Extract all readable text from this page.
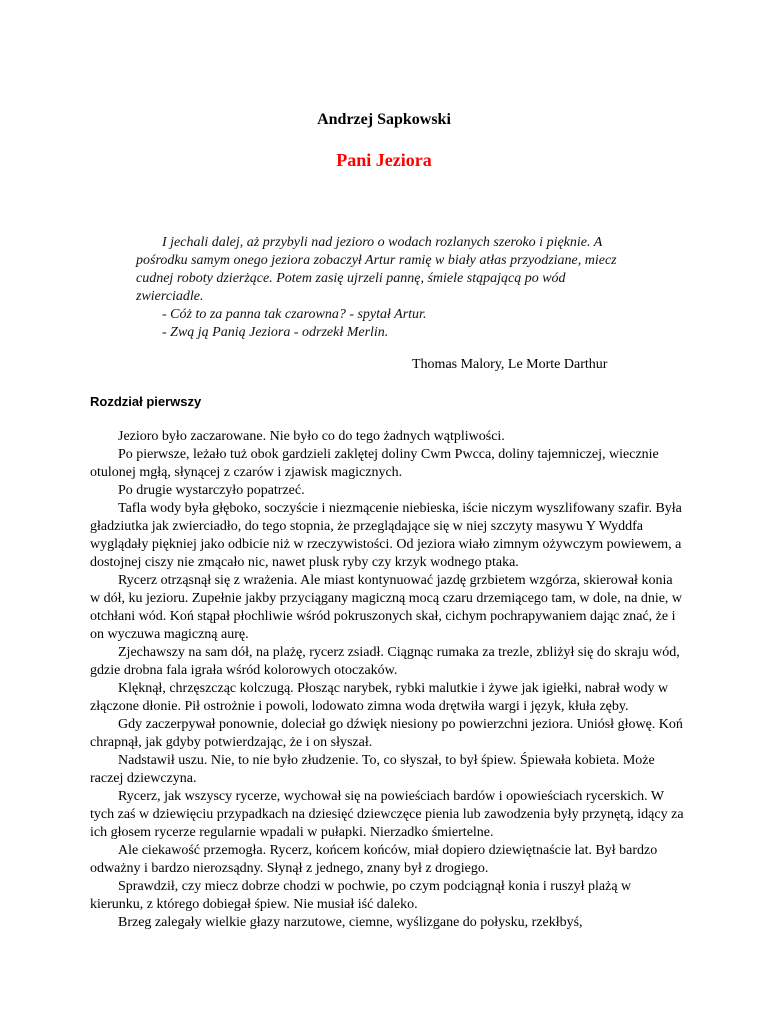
Andrzej Sapkowski
Pani Jeziora

I jechali dalej, aż przybyli nad jezioro o wodach rozlanych szeroko i pięknie. A pośrodku samym onego jeziora zobaczył Artur ramię w biały atłas przyodziane, miecz cudnej roboty dzierżące. Potem zasię ujrzeli pannę, śmiele stąpającą po wód zwierciadle.

- Cóż to za panna tak czarowna? - spytał Artur.

- Zwą ją Panią Jeziora - odrzekł Merlin.

Thomas Malory, Le Morte Darthur
Rozdział pierwszy

Jezioro było zaczarowane. Nie było co do tego żadnych wątpliwości.

Po pierwsze, leżało tuż obok gardzieli zaklętej doliny Cwm Pwcca, doliny tajemniczej, wiecznie otulonej mgłą, słynącej z czarów i zjawisk magicznych.

Po drugie wystarczyło popatrzeć.

Tafla wody była głęboko, soczyście i niezmącenie niebieska, iście niczym wyszlifowany szafir. Była gładziutka jak zwierciadło, do tego stopnia, że przeglądające się w niej szczyty masywu Y Wyddfa wyglądały piękniej jako odbicie niż w rzeczywistości. Od jeziora wiało zimnym ożywczym powiewem, a dostojnej ciszy nie zmącało nic, nawet plusk ryby czy krzyk wodnego ptaka.

Rycerz otrząsnął się z wrażenia. Ale miast kontynuować jazdę grzbietem wzgórza, skierował konia w dół, ku jezioru. Zupełnie jakby przyciągany magiczną mocą czaru drzemiącego tam, w dole, na dnie, w otchłani wód. Koń stąpał płochliwie wśród pokruszonych skał, cichym pochrapywaniem dając znać, że i on wyczuwa magiczną aurę.

Zjechawszy na sam dół, na plażę, rycerz zsiadł. Ciągnąc rumaka za trezle, zbliżył się do skraju wód, gdzie drobna fala igrała wśród kolorowych otoczaków.

Klęknął, chrzęszcząc kolczugą. Płosząc narybek, rybki malutkie i żywe jak igiełki, nabrał wody w złączone dłonie. Pił ostrożnie i powoli, lodowato zimna woda drętwiła wargi i język, kłuła zęby.

Gdy zaczerpywał ponownie, doleciał go dźwięk niesiony po powierzchni jeziora. Uniósł głowę. Koń chrapnął, jak gdyby potwierdzając, że i on słyszał.

Nadstawił uszu. Nie, to nie było złudzenie. To, co słyszał, to był śpiew. Śpiewała kobieta. Może raczej dziewczyna.

Rycerz, jak wszyscy rycerze, wychował się na powieściach bardów i opowieściach rycerskich. W tych zaś w dziewięciu przypadkach na dziesięć dziewczęce pienia lub zawodzenia były przynętą, idący za ich głosem rycerze regularnie wpadali w pułapki. Nierzadko śmiertelne.

Ale ciekawość przemogła. Rycerz, końcem końców, miał dopiero dziewiętnaście lat. Był bardzo odważny i bardzo nierozsądny. Słynął z jednego, znany był z drogiego.

Sprawdził, czy miecz dobrze chodzi w pochwie, po czym podciągnął konia i ruszył plażą w kierunku, z którego dobiegał śpiew. Nie musiał iść daleko.

Brzeg zalegały wielkie głazy narzutowe, ciemne, wyślizgane do połysku, rzekłbyś,
